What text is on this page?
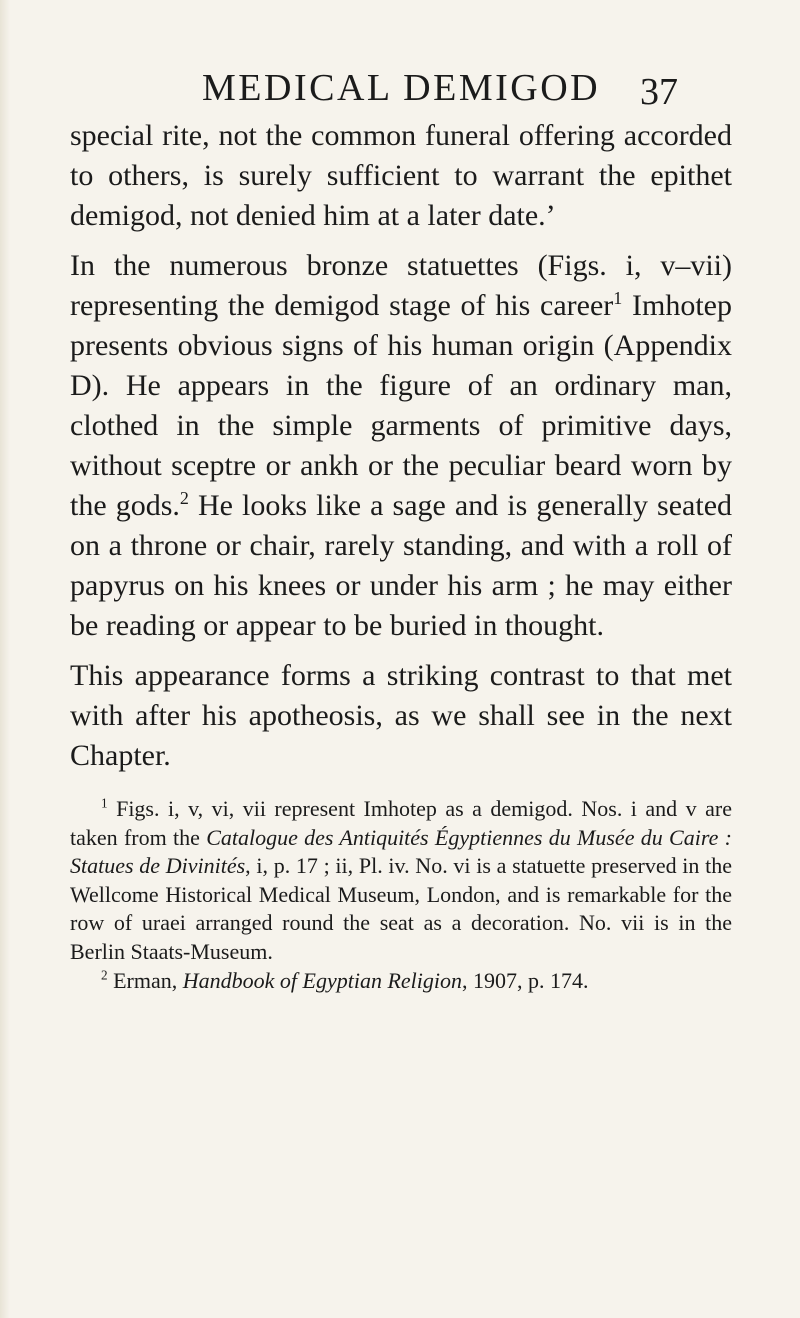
MEDICAL DEMIGOD 37

special rite, not the common funeral offering accorded to others, is surely sufficient to warrant the epithet demigod, not denied him at a later date.’

In the numerous bronze statuettes (Figs. i, v–vii) representing the demigod stage of his career$^1$ Imhotep presents obvious signs of his human origin (Appendix D). He appears in the figure of an ordinary man, clothed in the simple garments of primitive days, without sceptre or ankh or the peculiar beard worn by the gods.$^2$ He looks like a sage and is generally seated on a throne or chair, rarely standing, and with a roll of papyrus on his knees or under his arm ; he may either be reading or appear to be buried in thought.

This appearance forms a striking contrast to that met with after his apotheosis, as we shall see in the next Chapter.

$^1$ Figs. i, v, vi, vii represent Imhotep as a demigod. Nos. i and v are taken from the Catalogue des Antiquités Égyptiennes du Musée du Caire : Statues de Divinités, i, p. 17 ; ii, Pl. iv. No. vi is a statuette preserved in the Wellcome Historical Medical Museum, London, and is remarkable for the row of uraei arranged round the seat as a decoration. No. vii is in the Berlin Staats-Museum.

$^2$ Erman, Handbook of Egyptian Religion, 1907, p. 174.
